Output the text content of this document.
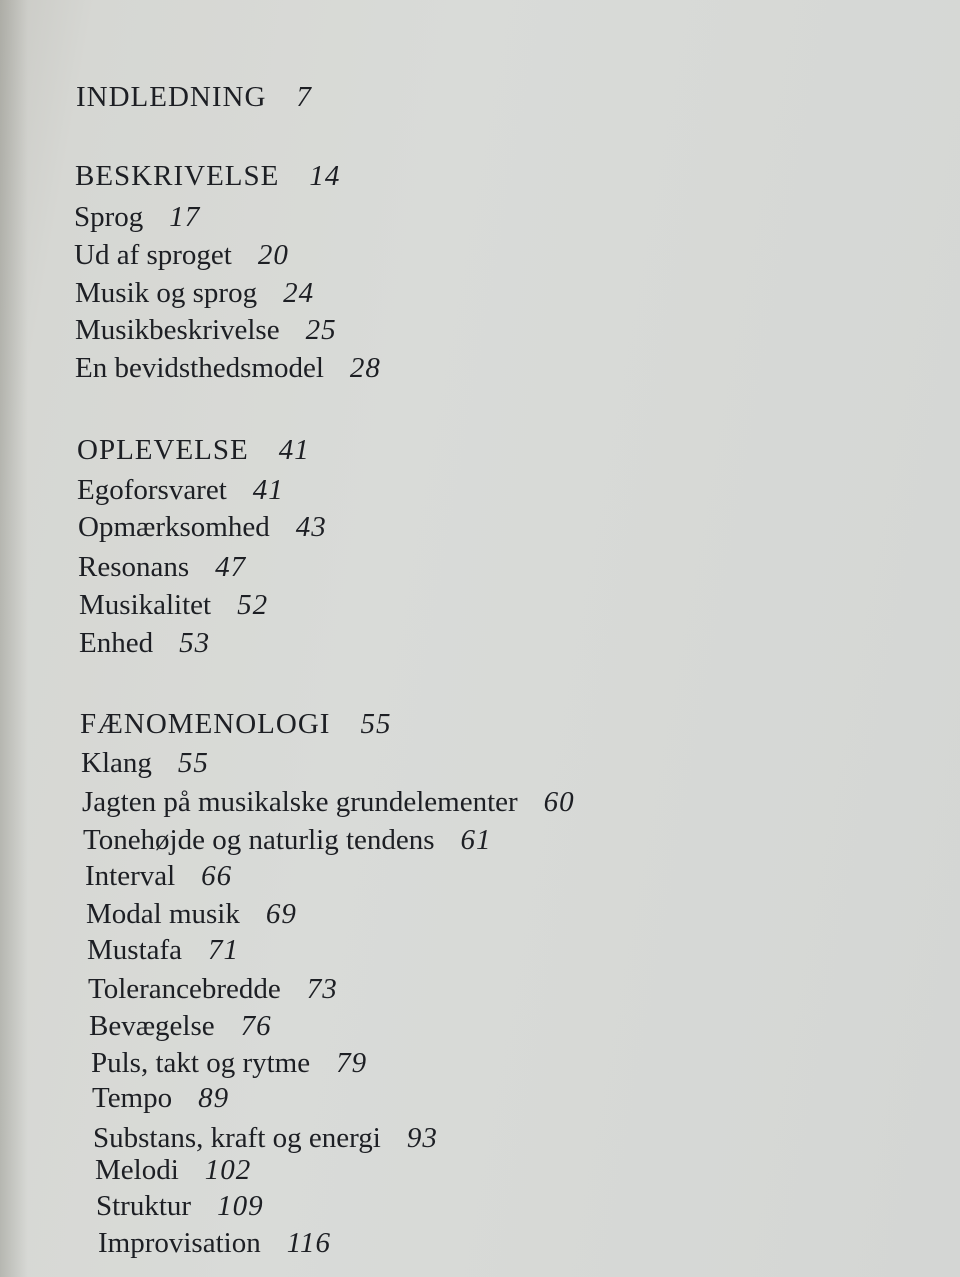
INDLEDNING 7
BESKRIVELSE 14
Sprog 17
Ud af sproget 20
Musik og sprog 24
Musikbeskrivelse 25
En bevidsthedsmodel 28
OPLEVELSE 41
Egoforsvaret 41
Opmærksomhed 43
Resonans 47
Musikalitet 52
Enhed 53
FÆNOMENOLOGI 55
Klang 55
Jagten på musikalske grundelementer 60
Tonehøjde og naturlig tendens 61
Interval 66
Modal musik 69
Mustafa 71
Tolerancebredde 73
Bevægelse 76
Puls, takt og rytme 79
Tempo 89
Substans, kraft og energi 93
Melodi 102
Struktur 109
Improvisation 116
